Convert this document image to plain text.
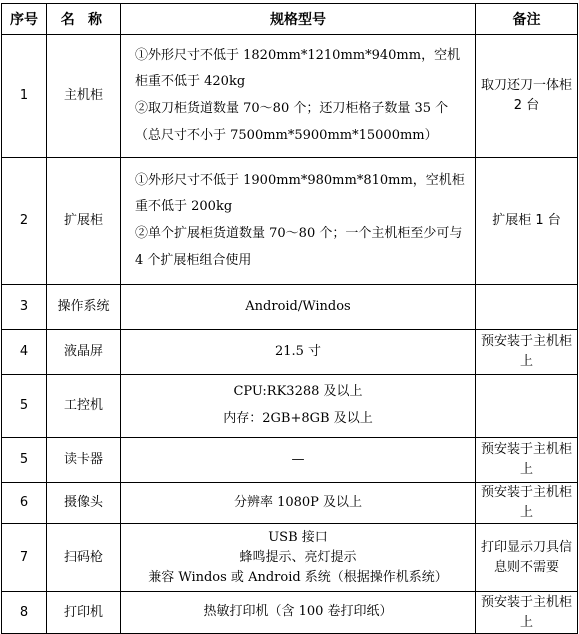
序号	名 称	规格型号	备注
1	主机柜	①外形尺寸不低于 1820mm*1210mm*940mm，空机柜重不低于 420kg

②取刀柜货道数量 70～80 个；还刀柜格子数量 35 个（总尺寸不小于 7500mm*5900mm*15000mm）	取刀还刀一体柜 2 台
2	扩展柜	①外形尺寸不低于 1900mm*980mm*810mm，空机柜重不低于 200kg

②单个扩展柜货道数量 70～80 个；一个主机柜至少可与 4 个扩展柜组合使用	扩展柜 1 台
3	操作系统	Android/Windos	

4	液晶屏	21.5 寸	预安装于主机柜上
5	工控机	CPU:RK3288 及以上

内存：2GB+8GB 及以上	

5	读卡器	—	预安装于主机柜上
6	摄像头	分辨率 1080P 及以上	预安装于主机柜上
7	扫码枪	USB 接口

蜂鸣提示、亮灯提示

兼容 Windos 或 Android 系统（根据操作机系统）	打印显示刀具信息则不需要
8	打印机	热敏打印机（含 100 卷打印纸）	预安装于主机柜上
